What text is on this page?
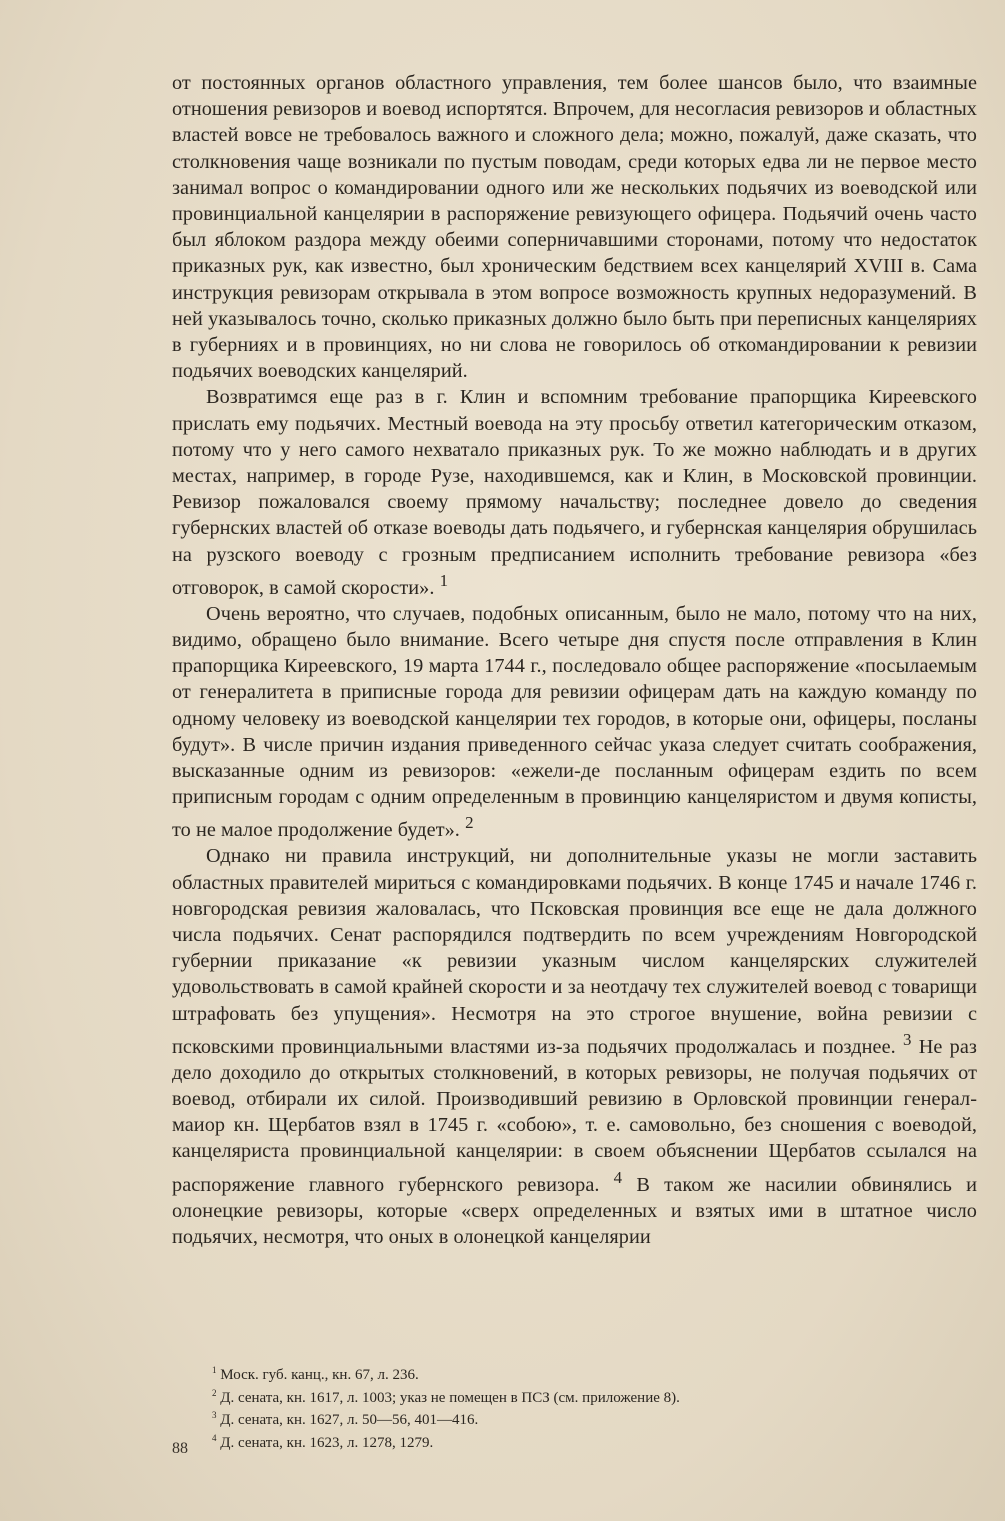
от постоянных органов областного управления, тем более шансов было, что взаимные отношения ревизоров и воевод испортятся. Впрочем, для несогласия ревизоров и областных властей вовсе не требовалось важного и сложного дела; можно, пожалуй, даже сказать, что столкновения чаще возникали по пустым поводам, среди которых едва ли не первое место занимал вопрос о командировании одного или же нескольких подьячих из воеводской или провинциальной канцелярии в распоряжение ревизующего офицера. Подьячий очень часто был яблоком раздора между обеими соперничавшими сторонами, потому что недостаток приказных рук, как известно, был хроническим бедствием всех канцелярий XVIII в. Сама инструкция ревизорам открывала в этом вопросе возможность крупных недоразумений. В ней указывалось точно, сколько приказных должно было быть при переписных канцеляриях в губерниях и в провинциях, но ни слова не говорилось об откомандировании к ревизии подьячих воеводских канцелярий.

Возвратимся еще раз в г. Клин и вспомним требование прапорщика Киреевского прислать ему подьячих. Местный воевода на эту просьбу ответил категорическим отказом, потому что у него самого нехватало приказных рук. То же можно наблюдать и в других местах, например, в городе Рузе, находившемся, как и Клин, в Московской провинции. Ревизор пожаловался своему прямому начальству; последнее довело до сведения губернских властей об отказе воеводы дать подьячего, и губернская канцелярия обрушилась на рузского воеводу с грозным предписанием исполнить требование ревизора «без отговорок, в самой скорости». $^1$

Очень вероятно, что случаев, подобных описанным, было не мало, потому что на них, видимо, обращено было внимание. Всего четыре дня спустя после отправления в Клин прапорщика Киреевского, 19 марта 1744 г., последовало общее распоряжение «посылаемым от генералитета в приписные города для ревизии офицерам дать на каждую команду по одному человеку из воеводской канцелярии тех городов, в которые они, офицеры, посланы будут». В числе причин издания приведенного сейчас указа следует считать соображения, высказанные одним из ревизоров: «ежели-де посланным офицерам ездить по всем приписным городам с одним определенным в провинцию канцеляристом и двумя кописты, то не малое продолжение будет». $^2$

Однако ни правила инструкций, ни дополнительные указы не могли заставить областных правителей мириться с командировками подьячих. В конце 1745 и начале 1746 г. новгородская ревизия жаловалась, что Псковская провинция все еще не дала должного числа подьячих. Сенат распорядился подтвердить по всем учреждениям Новгородской губернии приказание «к ревизии указным числом канцелярских служителей удовольствовать в самой крайней скорости и за неотдачу тех служителей воевод с товарищи штрафовать без упущения». Несмотря на это строгое внушение, война ревизии с псковскими провинциальными властями из-за подьячих продолжалась и позднее. $^3$ Не раз дело доходило до открытых столкновений, в которых ревизоры, не получая подьячих от воевод, отбирали их силой. Производивший ревизию в Орловской провинции генерал-маиор кн. Щербатов взял в 1745 г. «собою», т. е. самовольно, без сношения с воеводой, канцеляриста провинциальной канцелярии: в своем объяснении Щербатов ссылался на распоряжение главного губернского ревизора. $^4$ В таком же насилии обвинялись и олонецкие ревизоры, которые «сверх определенных и взятых ими в штатное число подьячих, несмотря, что оных в олонецкой канцелярии

$^1$ Моск. губ. канц., кн. 67, л. 236.
$^2$ Д. сената, кн. 1617, л. 1003; указ не помещен в ПСЗ (см. приложение 8).
$^3$ Д. сената, кн. 1627, л. 50—56, 401—416.
$^4$ Д. сената, кн. 1623, л. 1278, 1279.
88
